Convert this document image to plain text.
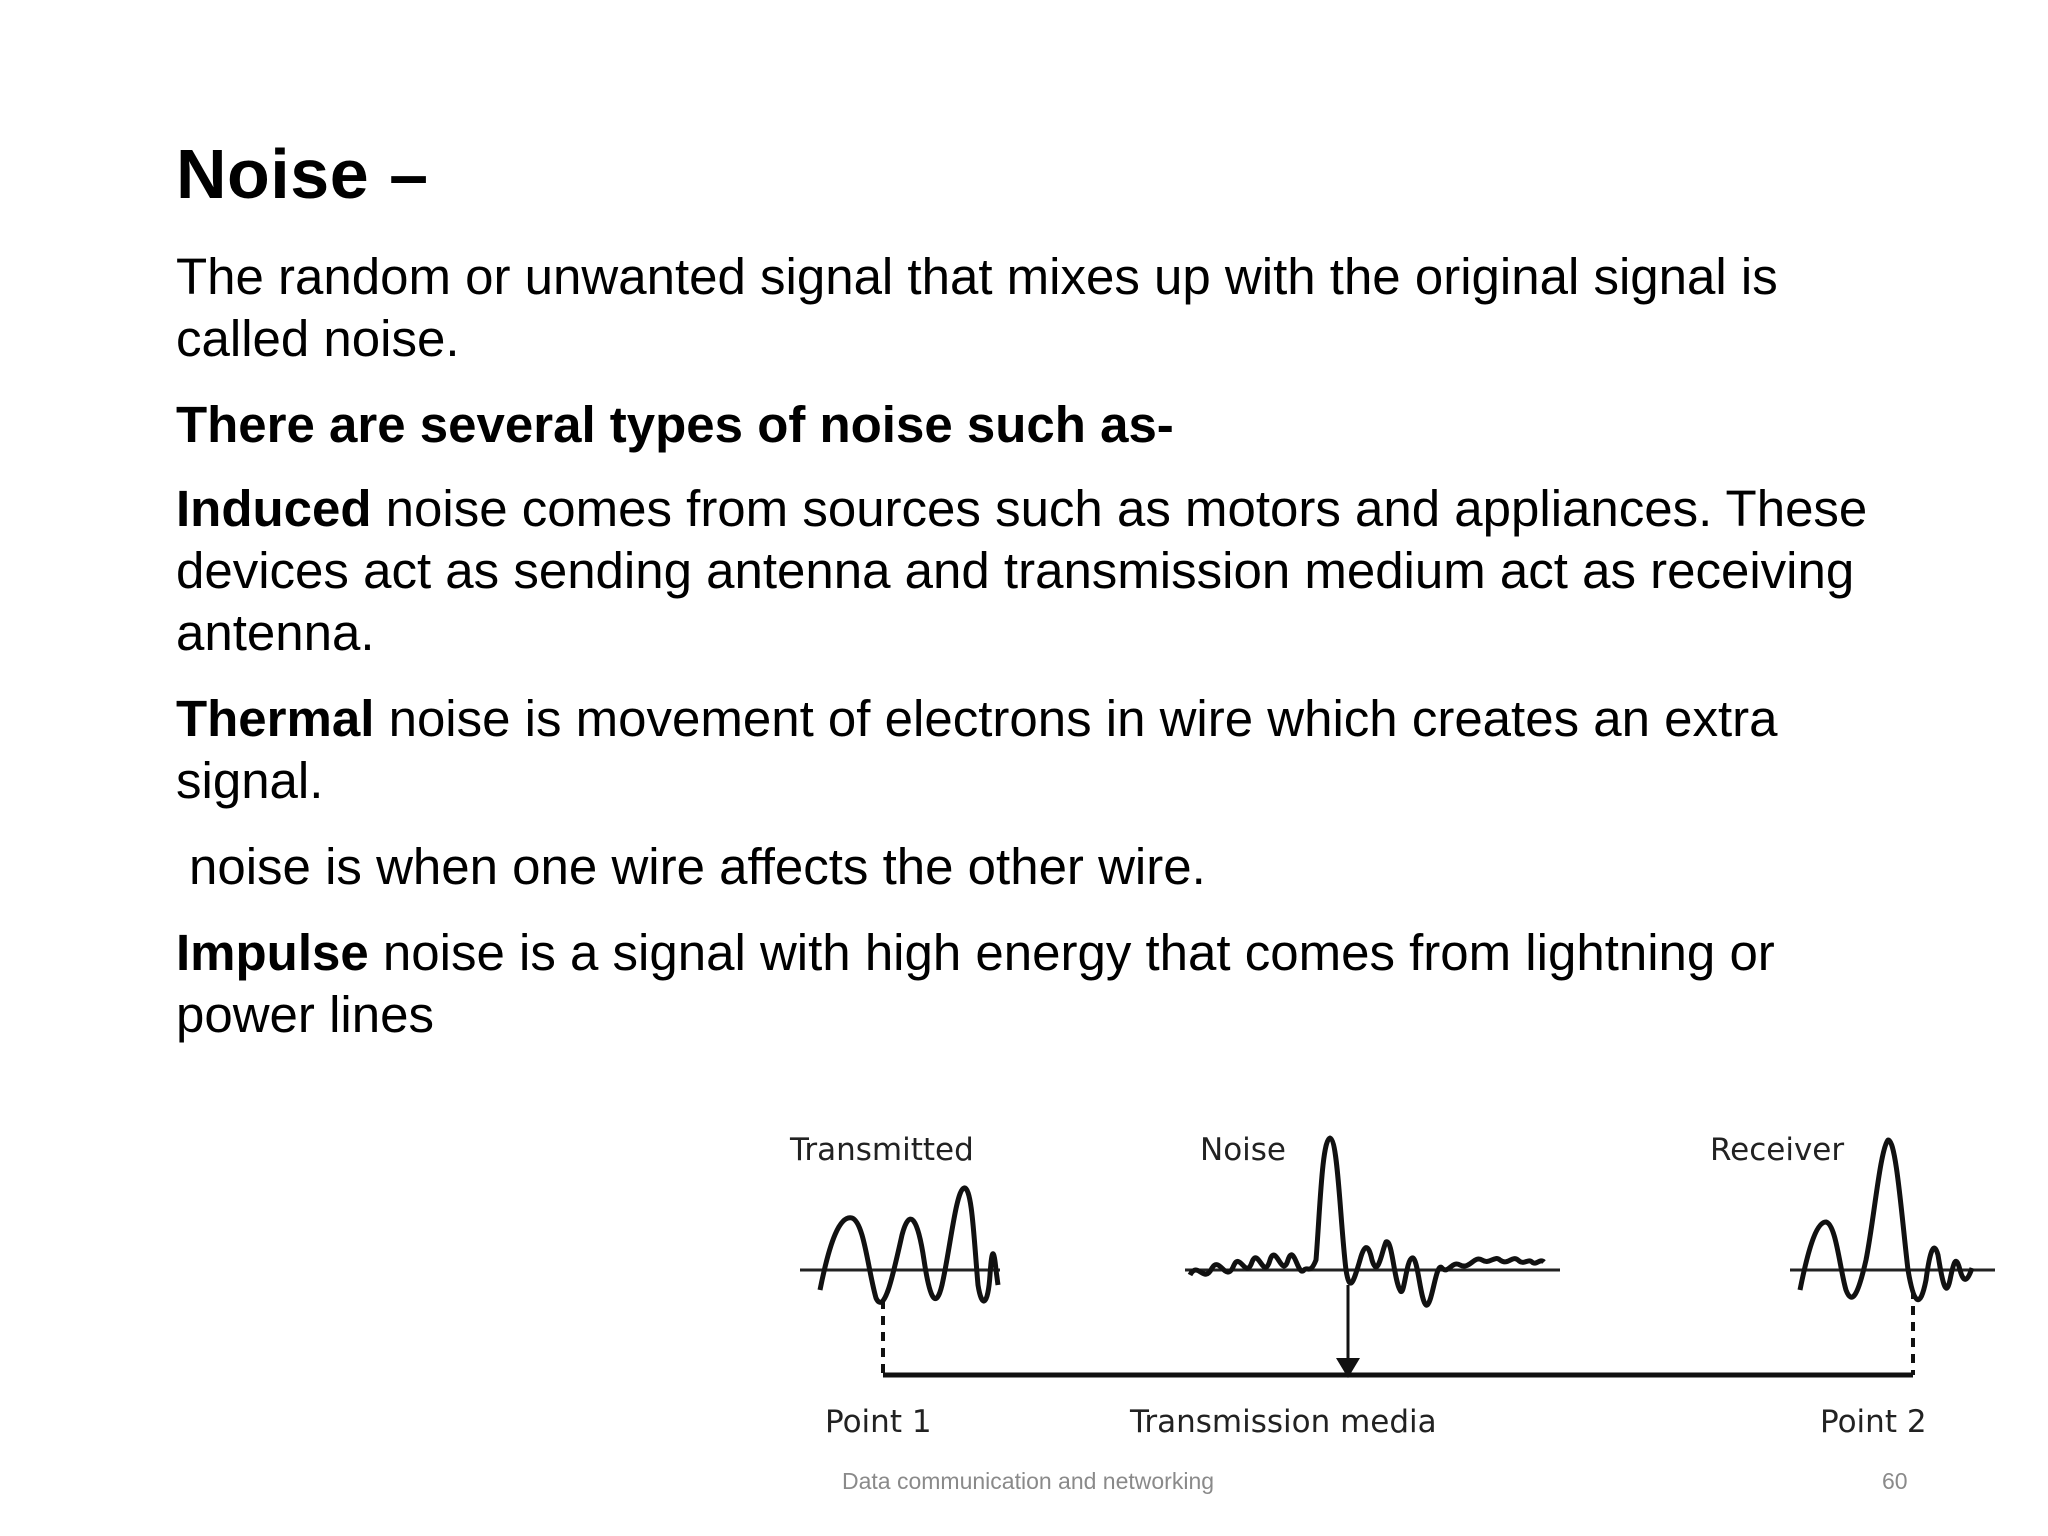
Noise –

The random or unwanted signal that mixes up with the original signal is called noise.

There are several types of noise such as-

Induced noise comes from sources such as motors and appliances. These devices act as sending antenna and transmission medium act as receiving antenna.

Thermal noise is movement of electrons in wire which creates an extra signal.

noise is when one wire affects the other wire.

Impulse noise is a signal with high energy that comes from lightning or power lines

Transmitted	Noise	Receiver
Point 1	Transmission media	Point 2

Data communication and networking	60
